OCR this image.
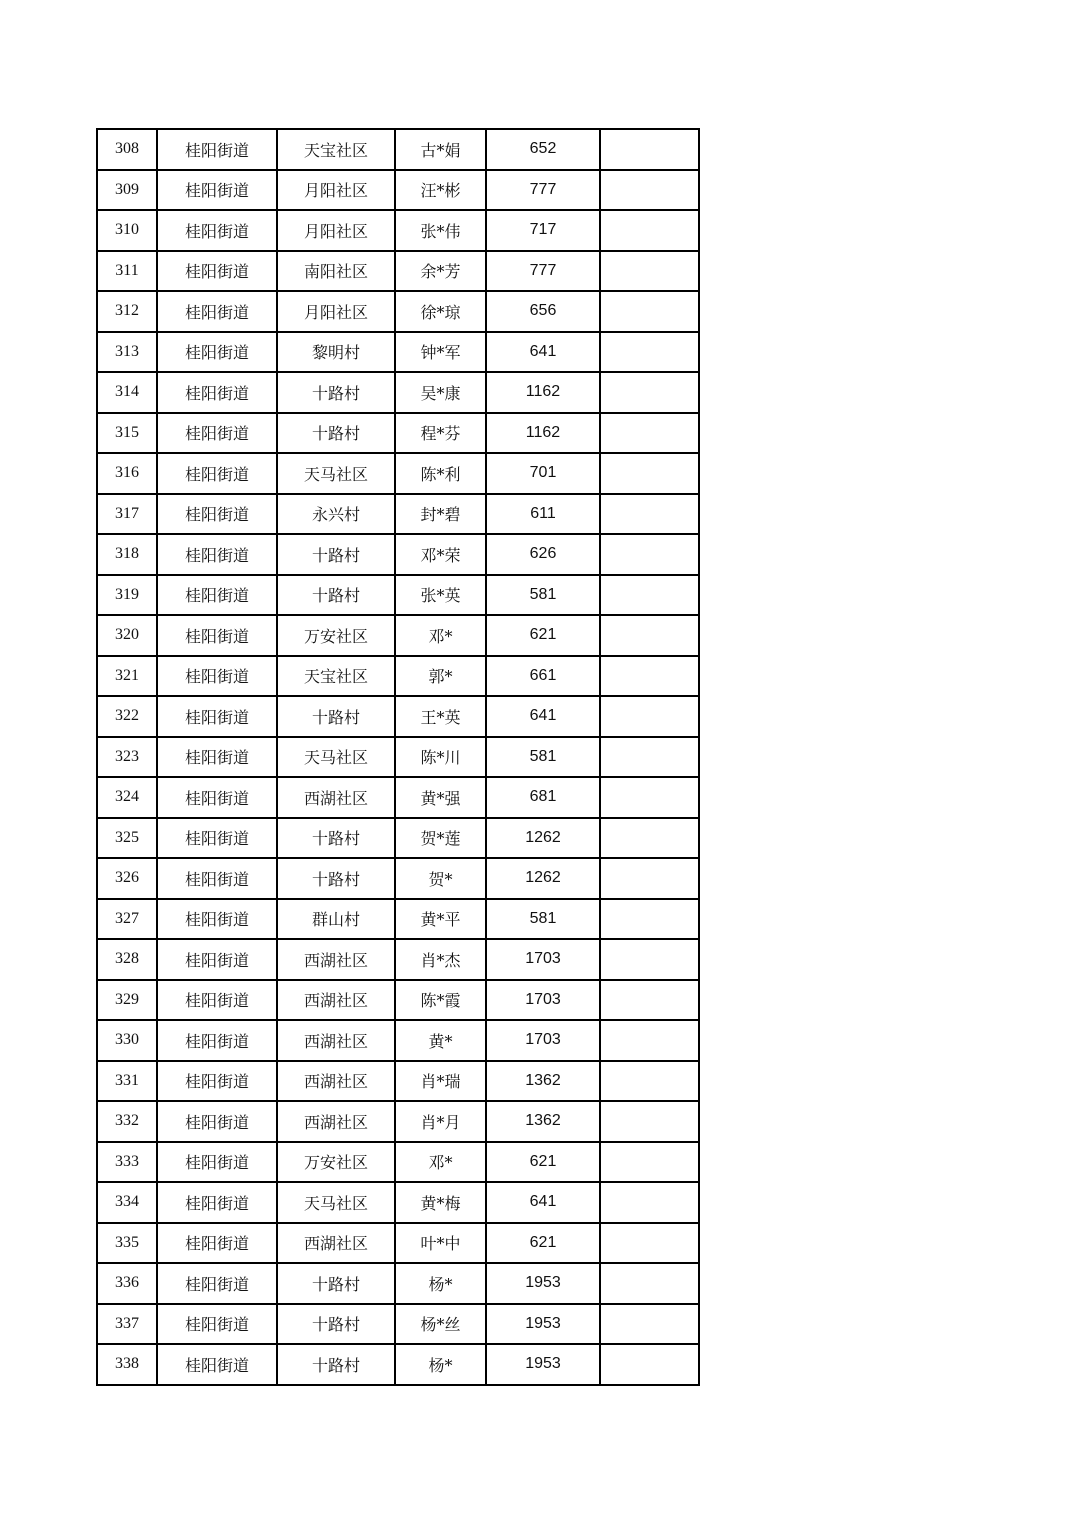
308	桂阳街道	天宝社区	古*娟	652	
309	桂阳街道	月阳社区	汪*彬	777	
310	桂阳街道	月阳社区	张*伟	717	
311	桂阳街道	南阳社区	余*芳	777	
312	桂阳街道	月阳社区	徐*琼	656	
313	桂阳街道	黎明村	钟*军	641	
314	桂阳街道	十路村	吴*康	1162	
315	桂阳街道	十路村	程*芬	1162	
316	桂阳街道	天马社区	陈*利	701	
317	桂阳街道	永兴村	封*碧	611	
318	桂阳街道	十路村	邓*荣	626	
319	桂阳街道	十路村	张*英	581	
320	桂阳街道	万安社区	邓*	621	
321	桂阳街道	天宝社区	郭*	661	
322	桂阳街道	十路村	王*英	641	
323	桂阳街道	天马社区	陈*川	581	
324	桂阳街道	西湖社区	黄*强	681	
325	桂阳街道	十路村	贺*莲	1262	
326	桂阳街道	十路村	贺*	1262	
327	桂阳街道	群山村	黄*平	581	
328	桂阳街道	西湖社区	肖*杰	1703	
329	桂阳街道	西湖社区	陈*霞	1703	
330	桂阳街道	西湖社区	黄*	1703	
331	桂阳街道	西湖社区	肖*瑞	1362	
332	桂阳街道	西湖社区	肖*月	1362	
333	桂阳街道	万安社区	邓*	621	
334	桂阳街道	天马社区	黄*梅	641	
335	桂阳街道	西湖社区	叶*中	621	
336	桂阳街道	十路村	杨*	1953	
337	桂阳街道	十路村	杨*丝	1953	
338	桂阳街道	十路村	杨*	1953	
